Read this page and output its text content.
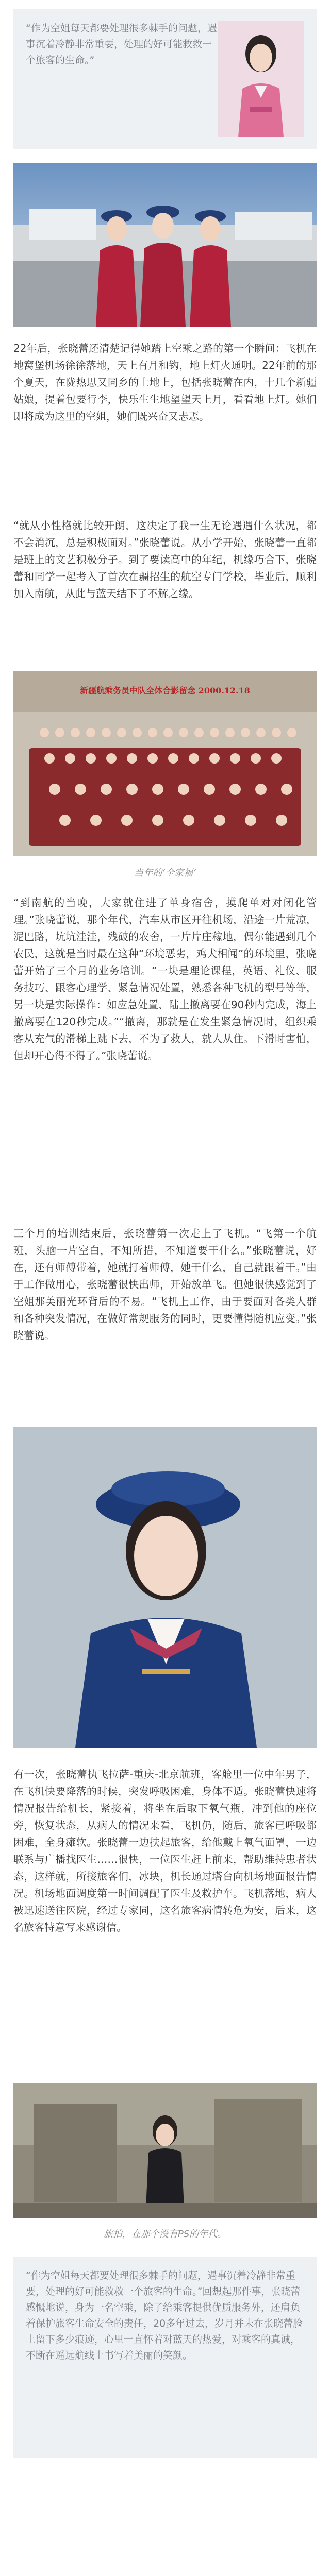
“作为空姐每天都要处理很多棘手的问题，遇事沉着冷静非常重要，处理的好可能救救一个旅客的生命。”

22年后，张晓蕾还清楚记得她踏上空乘之路的第一个瞬间：飞机在地窝堡机场徐徐落地，天上有月和钩，地上灯火通明。22年前的那个夏天，在陇热思又同乡的土地上，包括张晓蕾在内，十几个新疆姑娘，提着包要行李，快乐生生地望望天上月，看看地上灯。她们即将成为这里的空姐，她们既兴奋又忐忑。

“就从小性格就比较开朗，这决定了我一生无论遇遇什么状况，都不会消沉，总是积极面对。”张晓蕾说。从小学开始，张晓蕾一直都是班上的文艺积极分子。到了要读高中的年纪，机缘巧合下，张晓蕾和同学一起考入了首次在疆招生的航空专门学校，毕业后，顺利加入南航，从此与蓝天结下了不解之缘。

新疆航乘务员中队全体合影留念 2000.12.18
当年的‘全家福’

“到南航的当晚，大家就住进了单身宿舍，摸爬单对对闭化管理。”张晓蕾说，那个年代，汽车从市区开往机场，沿途一片荒凉，泥巴路，坑坑洼洼，残破的农舍，一片片庄稼地，偶尔能遇到几个农民，这就是当时最在这种“环境恶劣，鸡犬相闻”的环境里，张晓蕾开始了三个月的业务培训。“一块是理论课程，英语、礼仪、服务技巧、跟客心理学、紧急情况处置，熟悉各种飞机的型号等等，另一块是实际操作：如应急处置、陆上撤离要在90秒内完成，海上撤离要在120秒完成。”“撤离，那就是在发生紧急情况时，组织乘客从充气的滑梯上跳下去，不为了救人，就人从住。下滑时害怕，但却开心得不得了。”张晓蕾说。

三个月的培训结束后，张晓蕾第一次走上了飞机。“飞第一个航班，头脑一片空白，不知所措，不知道要干什么。”张晓蕾说，好在，还有师傅带着，她就打着师傅，她干什么，自己就跟着干。”由于工作做用心，张晓蕾很快出师，开始放单飞。但她很快感觉到了空姐那美丽光环背后的不易。“飞机上工作，由于要面对各类人群和各种突发情况，在做好常规服务的同时，更要懂得随机应变。”张晓蕾说。

有一次，张晓蕾执飞拉萨-重庆-北京航班，客舱里一位中年男子，在飞机快要降落的时候，突发呼吸困难，身体不适。张晓蕾快速将情况报告给机长，紧接着，将坐在后取下氧气瓶，冲到他的座位旁，恢复状态，从病人的情况来看，飞机仍，随后，旅客已呼吸都困难，全身瘫软。张晓蕾一边扶起旅客，给他戴上氧气面罩，一边联系与广播找医生……很快，一位医生赶上前来，帮助维持患者状态，这样就，所接旅客们，冰块，机长通过塔台向机场地面报告情况。机场地面调度第一时间调配了医生及救护车。飞机落地，病人被迅速送往医院，经过专家同，这名旅客病情转危为安，后来，这名旅客特意写来感谢信。

旅拍，在那个没有PS的年代。

“作为空姐每天都要处理很多棘手的问题，遇事沉着冷静非常重要，处理的好可能救救一个旅客的生命。”回想起那件事，张晓蕾感慨地说，身为一名空乘，除了给乘客提供优质服务外，还肩负着保护旅客生命安全的责任，20多年过去，岁月并未在张晓蕾脸上留下多少痕迹，心里一直怀着对蓝天的热爱，对乘客的真诚，不断在遥远航线上书写着美丽的笑颜。
